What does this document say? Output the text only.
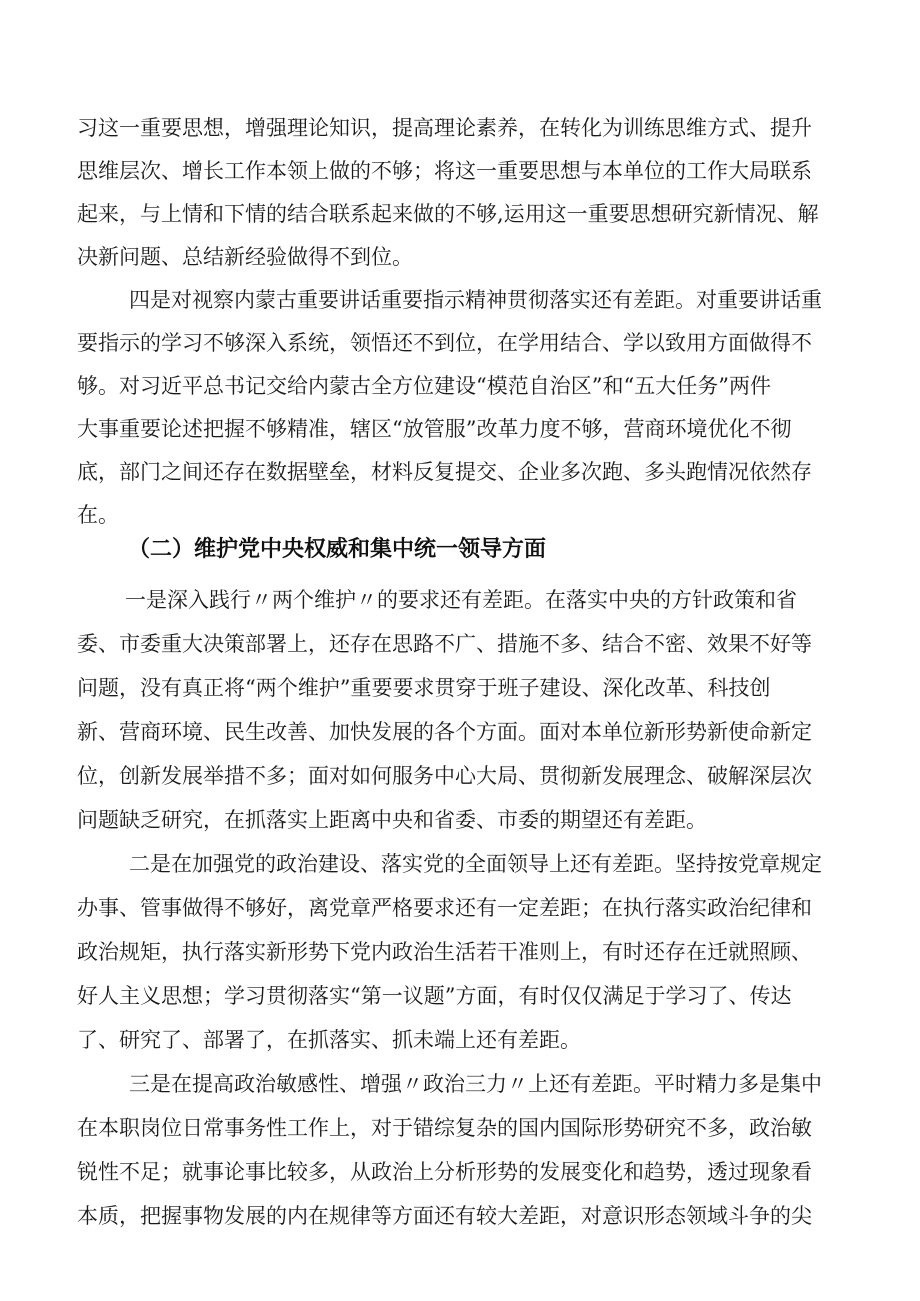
习这一重要思想，增强理论知识，提高理论素养，在转化为训练思维方式、提升
思维层次、增长工作本领上做的不够；将这一重要思想与本单位的工作大局联系
起来，与上情和下情的结合联系起来做的不够,运用这一重要思想研究新情况、解
决新问题、总结新经验做得不到位。
四是对视察内蒙古重要讲话重要指示精神贯彻落实还有差距。对重要讲话重
要指示的学习不够深入系统，领悟还不到位，在学用结合、学以致用方面做得不
够。对习近平总书记交给内蒙古全方位建设“模范自治区”和“五大任务”两件
大事重要论述把握不够精准，辖区“放管服”改革力度不够，营商环境优化不彻
底，部门之间还存在数据壁垒，材料反复提交、企业多次跑、多头跑情况依然存
在。
（二）维护党中央权威和集中统一领导方面
一是深入践行〃两个维护〃的要求还有差距。在落实中央的方针政策和省
委、市委重大决策部署上，还存在思路不广、措施不多、结合不密、效果不好等
问题，没有真正将“两个维护”重要要求贯穿于班子建设、深化改革、科技创
新、营商环境、民生改善、加快发展的各个方面。面对本单位新形势新使命新定
位，创新发展举措不多；面对如何服务中心大局、贯彻新发展理念、破解深层次
问题缺乏研究，在抓落实上距离中央和省委、市委的期望还有差距。
二是在加强党的政治建设、落实党的全面领导上还有差距。坚持按党章规定
办事、管事做得不够好，离党章严格要求还有一定差距；在执行落实政治纪律和
政治规矩，执行落实新形势下党内政治生活若干准则上，有时还存在迁就照顾、
好人主义思想；学习贯彻落实“第一议题”方面，有时仅仅满足于学习了、传达
了、研究了、部署了，在抓落实、抓未端上还有差距。
三是在提高政治敏感性、增强〃政治三力〃上还有差距。平时精力多是集中
在本职岗位日常事务性工作上，对于错综复杂的国内国际形势研究不多，政治敏
锐性不足；就事论事比较多，从政治上分析形势的发展变化和趋势，透过现象看
本质，把握事物发展的内在规律等方面还有较大差距，对意识形态领域斗争的尖
